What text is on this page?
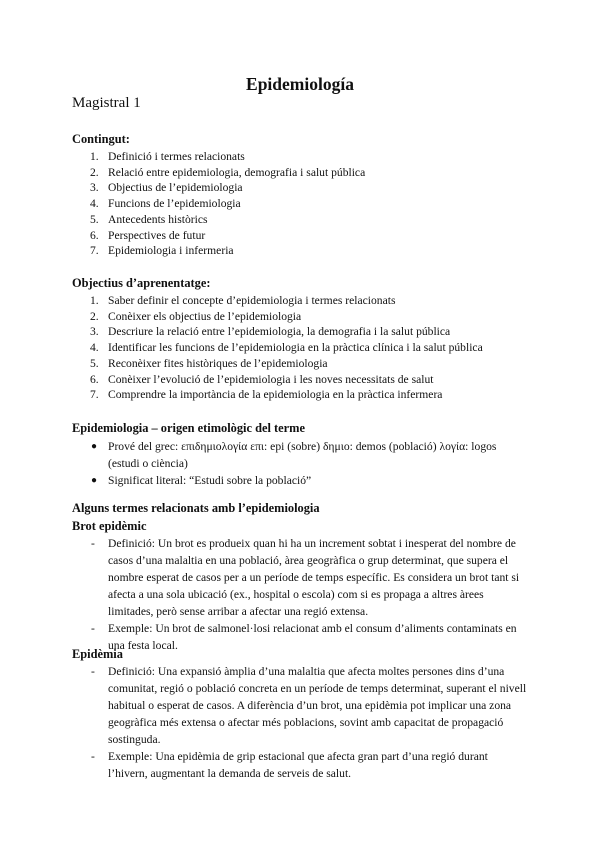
Epidemiología
Magistral 1

Contingut:

1. Definició i termes relacionats
2. Relació entre epidemiologia, demografia i salut pública
3. Objectius de l’epidemiologia
4. Funcions de l’epidemiologia
5. Antecedents històrics
6. Perspectives de futur
7. Epidemiologia i infermeria

Objectius d’aprenentatge:

1. Saber definir el concepte d’epidemiologia i termes relacionats
2. Conèixer els objectius de l’epidemiologia
3. Descriure la relació entre l’epidemiologia, la demografia i la salut pública
4. Identificar les funcions de l’epidemiologia en la pràctica clínica i la salut pública
5. Reconèixer fites històriques de l’epidemiologia
6. Conèixer l’evolució de l’epidemiologia i les noves necessitats de salut
7. Comprendre la importància de la epidemiologia en la pràctica infermera

Epidemiologia – origen etimològic del terme

● Prové del grec: επιδημιολογία επι: epi (sobre) δημιο: demos (població) λογία: logos (estudi o ciència)
● Significat literal: “Estudi sobre la població”

Alguns termes relacionats amb l’epidemiologia

Brot epidèmic

- Definició: Un brot es produeix quan hi ha un increment sobtat i inesperat del nombre de casos d’una malaltia en una població, àrea geogràfica o grup determinat, que supera el nombre esperat de casos per a un període de temps específic. Es considera un brot tant si afecta a una sola ubicació (ex., hospital o escola) com si es propaga a altres àrees limitades, però sense arribar a afectar una regió extensa.
- Exemple: Un brot de salmonel·losi relacionat amb el consum d’aliments contaminats en una festa local.

Epidèmia

- Definició: Una expansió àmplia d’una malaltia que afecta moltes persones dins d’una comunitat, regió o població concreta en un període de temps determinat, superant el nivell habitual o esperat de casos. A diferència d’un brot, una epidèmia pot implicar una zona geogràfica més extensa o afectar més poblacions, sovint amb capacitat de propagació sostinguda.
- Exemple: Una epidèmia de grip estacional que afecta gran part d’una regió durant l’hivern, augmentant la demanda de serveis de salut.
